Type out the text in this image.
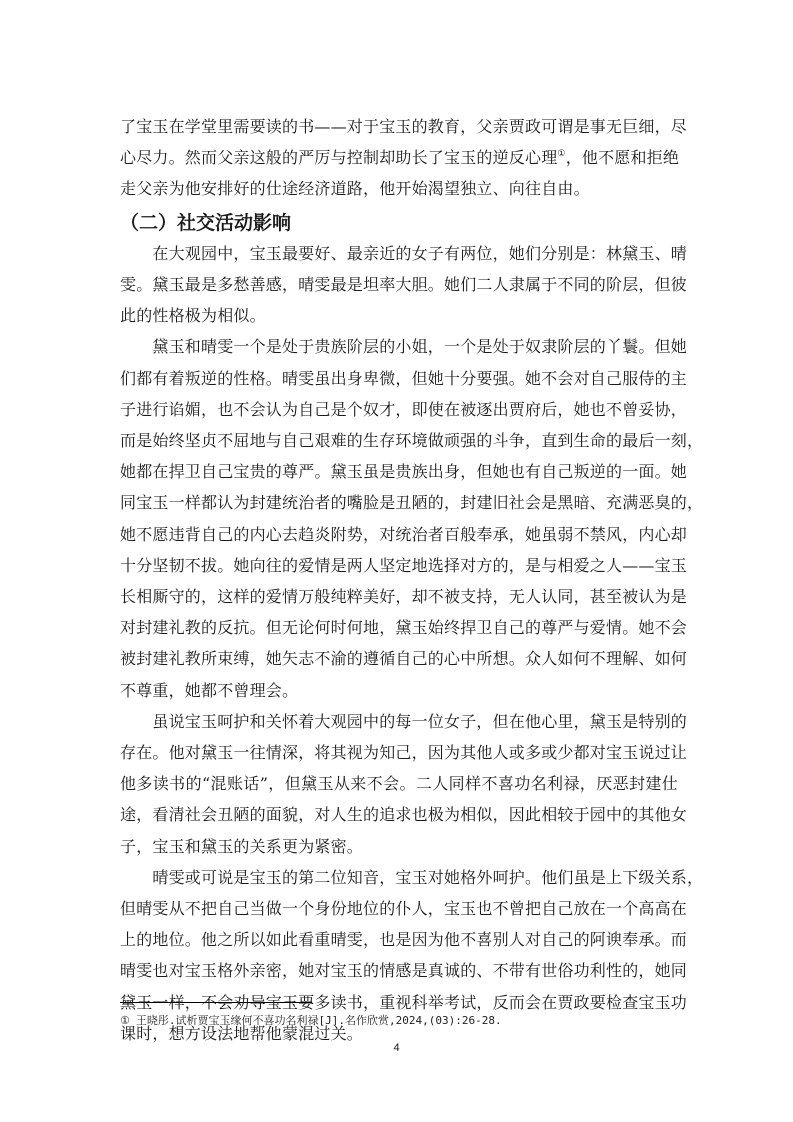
了宝玉在学堂里需要读的书——对于宝玉的教育，父亲贾政可谓是事无巨细，尽
心尽力。然而父亲这般的严厉与控制却助长了宝玉的逆反心理①，他不愿和拒绝
走父亲为他安排好的仕途经济道路，他开始渴望独立、向往自由。
（二）社交活动影响
　　在大观园中，宝玉最要好、最亲近的女子有两位，她们分别是：林黛玉、晴
雯。黛玉最是多愁善感，晴雯最是坦率大胆。她们二人隶属于不同的阶层，但彼
此的性格极为相似。
　　黛玉和晴雯一个是处于贵族阶层的小姐，一个是处于奴隶阶层的丫鬟。但她
们都有着叛逆的性格。晴雯虽出身卑微，但她十分要强。她不会对自己服侍的主
子进行谄媚，也不会认为自己是个奴才，即使在被逐出贾府后，她也不曾妥协，
而是始终坚贞不屈地与自己艰难的生存环境做顽强的斗争，直到生命的最后一刻，
她都在捍卫自己宝贵的尊严。黛玉虽是贵族出身，但她也有自己叛逆的一面。她
同宝玉一样都认为封建统治者的嘴脸是丑陋的，封建旧社会是黑暗、充满恶臭的，
她不愿违背自己的内心去趋炎附势，对统治者百般奉承，她虽弱不禁风，内心却
十分坚韧不拔。她向往的爱情是两人坚定地选择对方的，是与相爱之人——宝玉
长相厮守的，这样的爱情万般纯粹美好，却不被支持，无人认同，甚至被认为是
对封建礼教的反抗。但无论何时何地，黛玉始终捍卫自己的尊严与爱情。她不会
被封建礼教所束缚，她矢志不渝的遵循自己的心中所想。众人如何不理解、如何
不尊重，她都不曾理会。
　　虽说宝玉呵护和关怀着大观园中的每一位女子，但在他心里，黛玉是特别的
存在。他对黛玉一往情深，将其视为知己，因为其他人或多或少都对宝玉说过让
他多读书的“混账话”，但黛玉从来不会。二人同样不喜功名利禄，厌恶封建仕
途，看清社会丑陋的面貌，对人生的追求也极为相似，因此相较于园中的其他女
子，宝玉和黛玉的关系更为紧密。
　　晴雯或可说是宝玉的第二位知音，宝玉对她格外呵护。他们虽是上下级关系，
但晴雯从不把自己当做一个身份地位的仆人，宝玉也不曾把自己放在一个高高在
上的地位。他之所以如此看重晴雯，也是因为他不喜别人对自己的阿谀奉承。而
晴雯也对宝玉格外亲密，她对宝玉的情感是真诚的、不带有世俗功利性的，她同
① 王晓彤.试析贾宝玉缘何不喜功名利禄[J].名作欣赏,2024,(03):26-28.
4
黛玉一样，不会劝导宝玉要多读书，重视科举考试，反而会在贾政要检查宝玉功
课时，想方设法地帮他蒙混过关。
